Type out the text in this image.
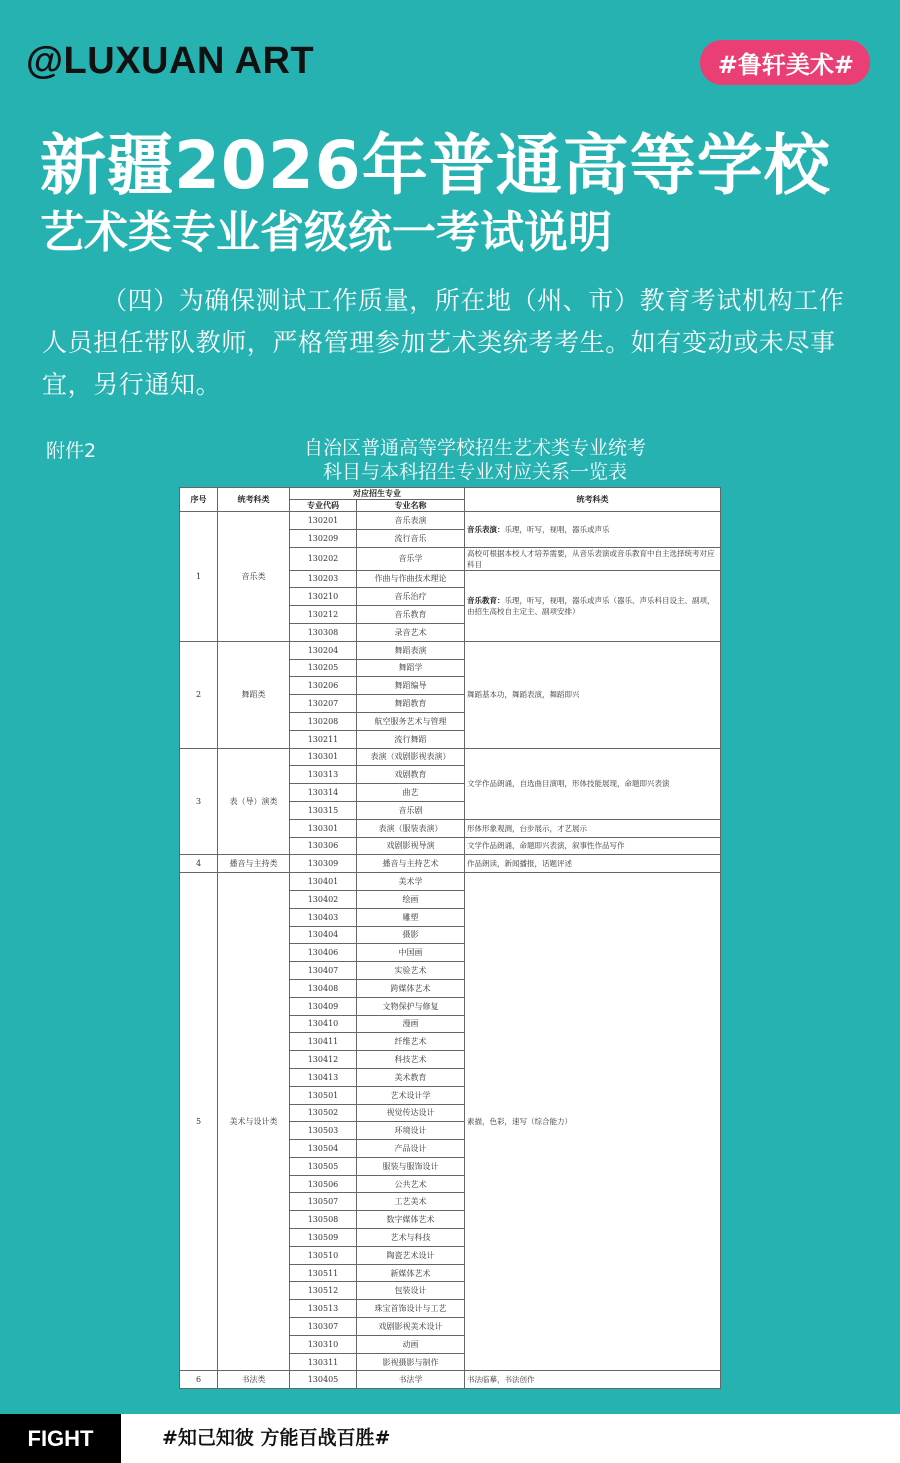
@LUXUAN ART	#鲁轩美术#
新疆2026年普通高等学校
艺术类专业省级统一考试说明
（四）为确保测试工作质量，所在地（州、市）教育考试机构工作人员担任带队教师，严格管理参加艺术类统考考生。如有变动或未尽事宜，另行通知。
附件2	自治区普通高等学校招生艺术类专业统考
科目与本科招生专业对应关系一览表
序号	统考科类	对应招生专业		统考科类
		专业代码	专业名称	
1	音乐类	130201	音乐表演	音乐表演：乐理，听写，视唱，器乐或声乐
		130209	流行音乐	
		130202	音乐学	高校可根据本校人才培养需要，从音乐表演或音乐教育中自主选择统考对应科目
		130203	作曲与作曲技术理论	音乐教育：乐理，听写，视唱，器乐或声乐（器乐、声乐科目设主、副项，由招生高校自主定主、副项安排）
		130210	音乐治疗	
		130212	音乐教育	
		130308	录音艺术	
2	舞蹈类	130204	舞蹈表演	舞蹈基本功，舞蹈表演，舞蹈即兴
		130205	舞蹈学	
		130206	舞蹈编导	
		130207	舞蹈教育	
		130208	航空服务艺术与管理	
		130211	流行舞蹈	
3	表（导）演类	130301	表演（戏剧影视表演）	文学作品朗诵，自选曲目演唱，形体技能展现，命题即兴表演
		130313	戏剧教育	
		130314	曲艺	
		130315	音乐剧	
		130301	表演（服装表演）	形体形象观测，台步展示，才艺展示
		130306	戏剧影视导演	文学作品朗诵，命题即兴表演，叙事性作品写作
4	播音与主持类	130309	播音与主持艺术	作品朗读，新闻播报，话题评述
5	美术与设计类	130401	美术学	素描，色彩，速写（综合能力）
		130402	绘画	
		130403	雕塑	
		130404	摄影	
		130406	中国画	
		130407	实验艺术	
		130408	跨媒体艺术	
		130409	文物保护与修复	
		130410	漫画	
		130411	纤维艺术	
		130412	科技艺术	
		130413	美术教育	
		130501	艺术设计学	
		130502	视觉传达设计	
		130503	环境设计	
		130504	产品设计	
		130505	服装与服饰设计	
		130506	公共艺术	
		130507	工艺美术	
		130508	数字媒体艺术	
		130509	艺术与科技	
		130510	陶瓷艺术设计	
		130511	新媒体艺术	
		130512	包装设计	
		130513	珠宝首饰设计与工艺	
		130307	戏剧影视美术设计	
		130310	动画	
		130311	影视摄影与制作	
6	书法类	130405	书法学	书法临摹，书法创作
FIGHT	#知己知彼 方能百战百胜#
